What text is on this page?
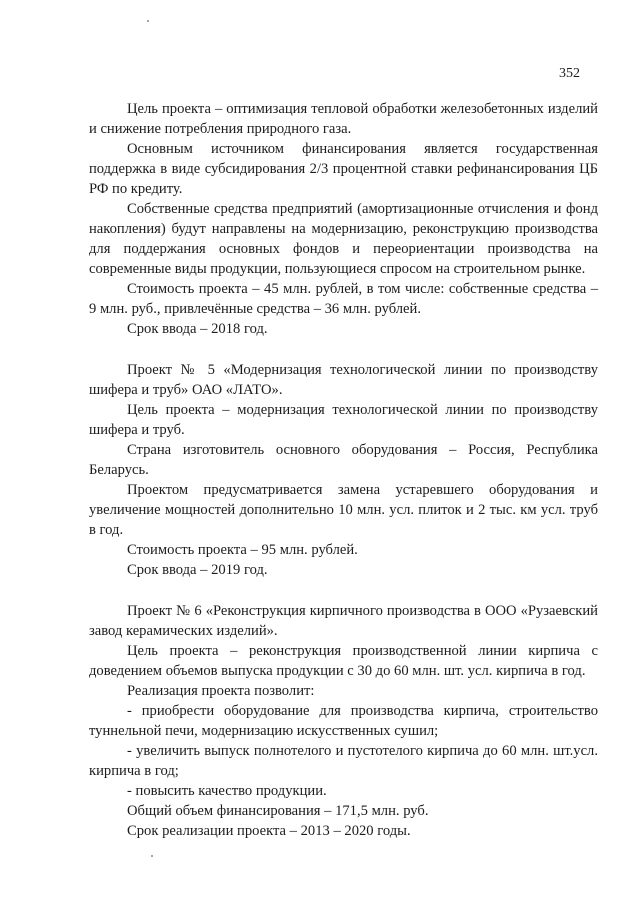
352

Цель проекта – оптимизация тепловой обработки железобетонных изделий и снижение потребления природного газа.

Основным источником финансирования является государственная поддержка в виде субсидирования 2/3 процентной ставки рефинансирования ЦБ РФ по кредиту.

Собственные средства предприятий (амортизационные отчисления и фонд накопления) будут направлены на модернизацию, реконструкцию производства для поддержания основных фондов и переориентации производства на современные виды продукции, пользующиеся спросом на строительном рынке.

Стоимость проекта – 45 млн. рублей, в том числе: собственные средства – 9 млн. руб., привлечённые средства – 36 млн. рублей.

Срок ввода – 2018 год.

Проект № 5 «Модернизация технологической линии по производству шифера и труб» ОАО «ЛАТО».

Цель проекта – модернизация технологической линии по производству шифера и труб.

Страна изготовитель основного оборудования – Россия, Республика Беларусь.

Проектом предусматривается замена устаревшего оборудования и увеличение мощностей дополнительно 10 млн. усл. плиток и 2 тыс. км усл. труб в год.

Стоимость проекта – 95 млн. рублей.

Срок ввода – 2019 год.

Проект № 6 «Реконструкция кирпичного производства в ООО «Рузаевский завод керамических изделий».

Цель проекта – реконструкция производственной линии кирпича с доведением объемов выпуска продукции с 30 до 60 млн. шт. усл. кирпича в год.

Реализация проекта позволит:

- приобрести оборудование для производства кирпича, строительство туннельной печи, модернизацию искусственных сушил;

- увеличить выпуск полнотелого и пустотелого кирпича до 60 млн. шт.усл. кирпича в год;

- повысить качество продукции.

Общий объем финансирования – 171,5 млн. руб.

Срок реализации проекта – 2013 – 2020 годы.
